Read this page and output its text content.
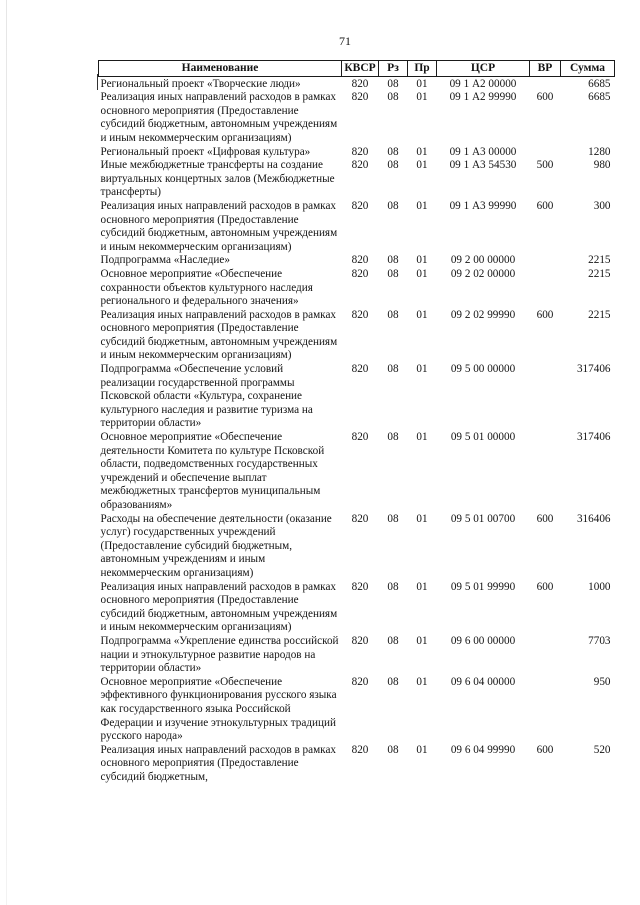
71
Наименование	КВСР	Рз	Пр	ЦСР	ВР	Сумма
Региональный проект «Творческие люди»	820	08	01	09 1 А2 00000		6685
Реализация иных направлений расходов в рамках основного мероприятия (Предоставление субсидий бюджетным, автономным учреждениям и иным некоммерческим организациям)	820	08	01	09 1 А2 99990	600	6685
Региональный проект «Цифровая культура»	820	08	01	09 1 А3 00000		1280
Иные межбюджетные трансферты на создание виртуальных концертных залов (Межбюджетные трансферты)	820	08	01	09 1 А3 54530	500	980
Реализация иных направлений расходов в рамках основного мероприятия (Предоставление субсидий бюджетным, автономным учреждениям и иным некоммерческим организациям)	820	08	01	09 1 А3 99990	600	300
Подпрограмма «Наследие»	820	08	01	09 2 00 00000		2215
Основное мероприятие «Обеспечение сохранности объектов культурного наследия регионального и федерального значения»	820	08	01	09 2 02 00000		2215
Реализация иных направлений расходов в рамках основного мероприятия (Предоставление субсидий бюджетным, автономным учреждениям и иным некоммерческим организациям)	820	08	01	09 2 02 99990	600	2215
Подпрограмма «Обеспечение условий реализации государственной программы Псковской области «Культура, сохранение культурного наследия и развитие туризма на территории области»	820	08	01	09 5 00 00000		317406
Основное мероприятие «Обеспечение деятельности Комитета по культуре Псковской области, подведомственных государственных учреждений и обеспечение выплат межбюджетных трансфертов муниципальным образованиям»	820	08	01	09 5 01 00000		317406
Расходы на обеспечение деятельности (оказание услуг) государственных учреждений (Предоставление субсидий бюджетным, автономным учреждениям и иным некоммерческим организациям)	820	08	01	09 5 01 00700	600	316406
Реализация иных направлений расходов в рамках основного мероприятия (Предоставление субсидий бюджетным, автономным учреждениям и иным некоммерческим организациям)	820	08	01	09 5 01 99990	600	1000
Подпрограмма «Укрепление единства российской нации и этнокультурное развитие народов на территории области»	820	08	01	09 6 00 00000		7703
Основное мероприятие «Обеспечение эффективного функционирования русского языка как государственного языка Российской Федерации и изучение этнокультурных традиций русского народа»	820	08	01	09 6 04 00000		950
Реализация иных направлений расходов в рамках основного мероприятия (Предоставление субсидий бюджетным,	820	08	01	09 6 04 99990	600	520
